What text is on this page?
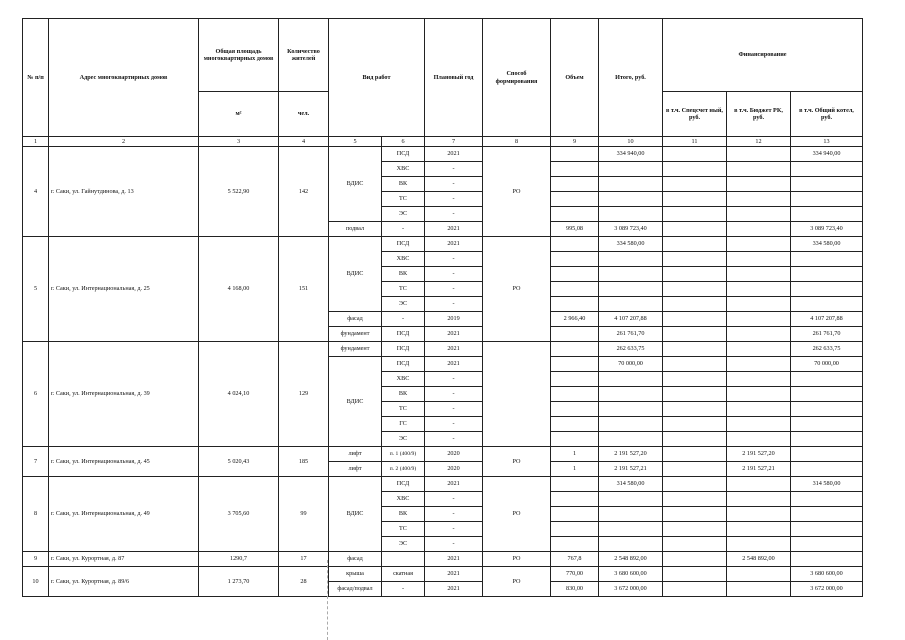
№ п/п	Адрес многоквартирных домов	Общая площадь многоквартирных домов	Количество жителей	Вид работ		Плановый год	Способ формирования	Объем	Итого, руб.	Финансирование		
		м²	чел.							в т.ч. Спецсчет ный, руб.	в т.ч. Бюджет РК, руб.	в т.ч. Общий котел, руб.
1	2	3	4	5	6	7	8	9	10	11	12	13
4	г. Саки, ул. Гайнутдинова, д. 13	5 522,90	142	ВДИС	ПСД	2021	РО		334 940,00			334 940,00
					ХВС	-						
					ВК	-						
					ТС	-						
					ЭС	-						
				подвал	-	2021		995,08	3 089 723,40			3 089 723,40
5	г. Саки, ул. Интернациональная, д. 25	4 168,00	151	ВДИС	ПСД	2021	РО		334 580,00			334 580,00
					ХВС	-						
					ВК	-						
					ТС	-						
					ЭС	-						
				фасад	-	2019		2 966,40	4 107 207,88			4 107 207,88
				фундамент	ПСД	2021			261 761,70			261 761,70
6	г. Саки, ул. Интернациональная, д. 39	4 024,10	129	фундамент	ПСД	2021			262 633,75			262 633,75
				ВДИС	ПСД	2021			70 000,00			70 000,00
					ХВС	-						
					ВК	-						
					ТС	-						
					ГС	-						
					ЭС	-						
7	г. Саки, ул. Интернациональная, д. 45	5 020,43	185	лифт	п. 1 (400/9)	2020	РО	1	2 191 527,20		2 191 527,20	
				лифт	п. 2 (400/9)	2020		1	2 191 527,21		2 191 527,21	
8	г. Саки, ул. Интернациональная, д. 49	3 705,60	99	ВДИС	ПСД	2021	РО		314 580,00			314 580,00
					ХВС	-						
					ВК	-						
					ТС	-						
					ЭС	-						
9	г. Саки, ул. Курортная, д. 87	1290,7	17	фасад		2021	РО	767,8	2 548 892,00		2 548 892,00	
10	г. Саки, ул. Курортная, д. 89/6	1 273,70	28	крыша	скатная	2021	РО	770,00	3 680 600,00			3 680 600,00
				фасад/подвал	-	2021		830,00	3 672 000,00			3 672 000,00
